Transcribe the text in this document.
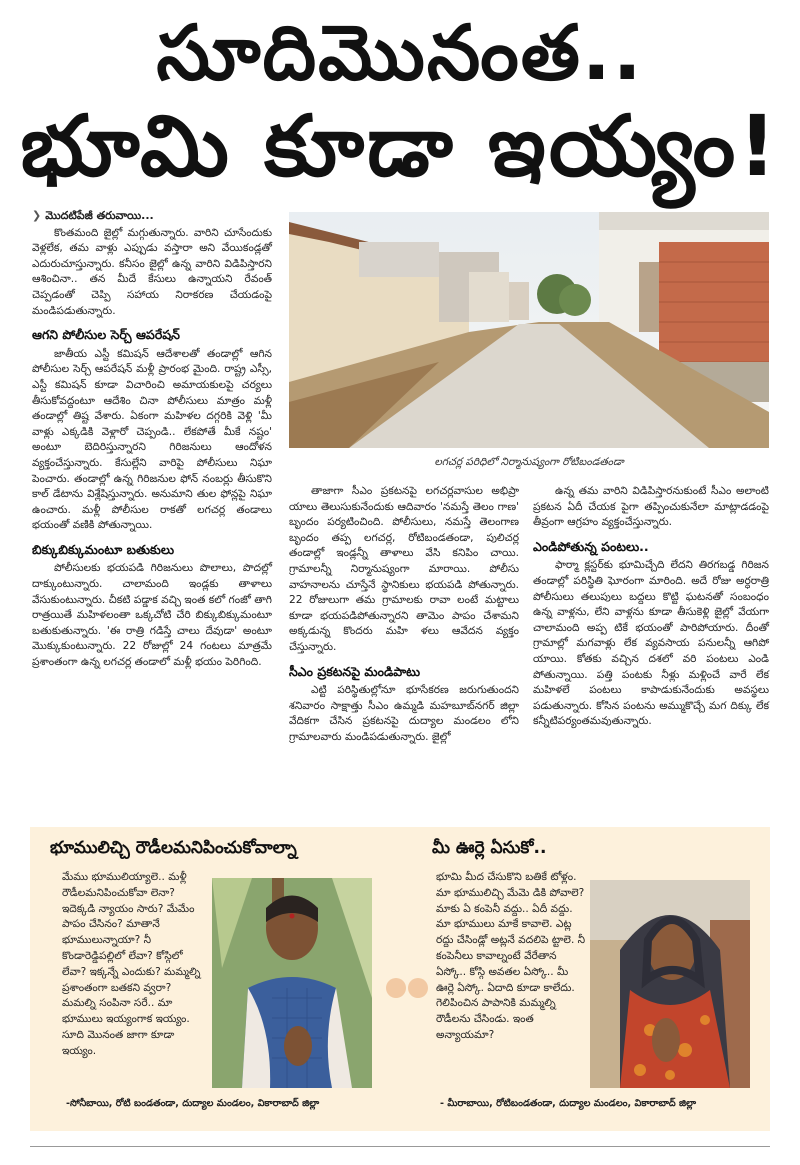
సూదిమొనంత..
భూమి కూడా ఇయ్యం!
❯ మొదటిపేజీ తరువాయి...

కొంతమంది జైల్లో మగ్గుతున్నారు. వారిని చూసేందుకు వెళ్లలేక, తమ వాళ్లు ఎప్పుడు వస్తారా అని వేయికండ్లతో ఎదురుచూస్తున్నారు. కనీసం జైల్లో ఉన్న వారిని విడిపిస్తారని ఆశించినా.. తన మీదే కేసులు ఉన్నాయని రేవంత్ చెప్పడంతో చెప్పి సహాయ నిరాకరణ చేయడంపై మండిపడుతున్నారు.

ఆగని పోలీసుల సెర్చ్ ఆపరేషన్

జాతీయ ఎస్టీ కమిషన్ ఆదేశాలతో తండాల్లో ఆగిన పోలీసుల సెర్చ్ ఆపరేషన్ మళ్లీ ప్రారంభ మైంది. రాష్ట్ర ఎస్సీ, ఎస్టీ కమిషన్ కూడా విచారించి అమాయకులపై చర్యలు తీసుకోవద్దంటూ ఆదేశిం చినా పోలీసులు మాత్రం మళ్లీ తండాల్లో తిష్ట వేశారు. ఏకంగా మహిళల దగ్గరికి వెళ్లి 'మీ వాళ్లు ఎక్కడికి వెళ్లారో చెప్పండి.. లేకపోతే మీకే నష్టం' అంటూ బెదిరిస్తున్నారని గిరిజనులు ఆందోళన వ్యక్తంచేస్తున్నారు. కేసుల్లేని వారిపై పోలీసులు నిఘా పెంచారు. తండాల్లో ఉన్న గిరిజనుల ఫోన్ నంబర్లు తీసుకొని కాల్ డేటాను విశ్లేషిస్తున్నారు. అనుమాని తుల ఫోన్లపై నిఘా ఉంచారు. మళ్లీ పోలీసుల రాకతో లగచర్ల తండాలు భయంతో వణికి పోతున్నాయి.

బిక్కుబిక్కుమంటూ బతుకులు

పోలీసులకు భయపడి గిరిజనులు పొలాలు, పొదల్లో దాక్కుంటున్నారు. చాలామంది ఇండ్లకు తాళాలు వేసుకుంటున్నారు. చీకటి పడ్డాక వచ్చి ఇంత కలో గంజో తాగి రాత్రయితే మహిళలంతా ఒక్కచోటి చేరి బిక్కుబిక్కుమంటూ బతుకుతున్నారు. 'ఈ రాత్రి గడిస్తే చాలు దేవుడా' అంటూ మొక్కుకుంటున్నారు. 22 రోజుల్లో 24 గంటలు మాత్రమే ప్రశాంతంగా ఉన్న లగచర్ల తండాలో మళ్లీ భయం పెరిగింది.

లగచర్ల పరిధిలో నిర్మానుష్యంగా రోటిబండతండా

తాజాగా సీఎం ప్రకటనపై లగచర్లవాసుల అభిప్రా యాలు తెలుసుకునేందుకు ఆదివారం 'నమస్తే తెలం గాణ' బృందం పర్యటించింది. పోలీసులు, నమస్తే తెలంగాణ బృందం తప్ప లగచర్ల, రోటిబండతండా, పులిచర్ల తండాల్లో ఇండ్లన్నీ తాళాలు వేసి కనిపిం చాయి. గ్రామాలన్నీ నిర్మానుష్యంగా మారాయి. పోలీసు వాహనాలను చూస్తేనే స్థానికులు భయపడి పోతున్నారు. 22 రోజులుగా తమ గ్రామాలకు రావా లంటే మట్టాలు కూడా భయపడిపోతున్నారని తామెం పాపం చేశామని అక్కడున్న కొందరు మహి ళలు ఆవేదన వ్యక్తం చేస్తున్నారు.

సీఎం ప్రకటనపై మండిపాటు

ఎట్టి పరిస్థితుల్లోనూ భూసేకరణ జరుగుతుందని శనివారం సాక్షాత్తు సీఎం ఉమ్మడి మహబూబ్‌నగర్ జిల్లా వేదికగా చేసిన ప్రకటనపై దుద్యాల మండలం లోని గ్రామాలవారు మండిపడుతున్నారు. జైల్లో

ఉన్న తమ వారిని విడిపిస్తారనుకుంటే సీఎం అలాంటి ప్రకటన ఏదీ చేయక పైగా తప్పించుకునేలా మాట్లాడడంపై తీవ్రంగా ఆగ్రహం వ్యక్తంచేస్తున్నారు.

ఎండిపోతున్న పంటలు..

ఫార్మా క్లస్టర్‌కు భూమిచ్చేది లేదని తిరగబడ్డ గిరిజన తండాల్లో పరిస్థితి ఘోరంగా మారింది. అదే రోజు అర్ధరాత్రి పోలీసులు తలుపులు బద్దలు కొట్టి ఘటనతో సంబంధం ఉన్న వాళ్లను, లేని వాళ్లను కూడా తీసుకెళ్లి జైల్లో వేయగా చాలామంది అప్ప టికే భయంతో పారిపోయారు. దీంతో గ్రామాల్లో మగవాళ్లు లేక వ్యవసాయ పనులన్నీ ఆగిపో యాయి. కోతకు వచ్చిన దశలో వరి పంటలు ఎండి పోతున్నాయి. పత్తి పంటకు నీళ్లు మళ్లించే వారే లేక మహిళలే పంటలు కాపాడుకునేందుకు అవస్థలు పడుతున్నారు. కోసిన పంటను అమ్ముకొచ్చే మగ దిక్కు లేక కన్నీటిపర్యంతమవుతున్నారు.

భూములిచ్చి రౌడీలమనిపించుకోవాల్నా
మేము భూములియ్యాలె.. మళ్లీ రౌడీలమనిపించుకోవా లెనా? ఇదెక్కడి న్యాయం సారు? మేమేం పాపం చేసినం? మాతానే భూములున్నాయా? నీ కొండారెడ్డిపల్లిలో లేవా? కోస్గిలో లేవా? ఇక్కన్నే ఎందుకు? మమ్మల్ని ప్రశాంతంగా బతకని వ్వరా? మమల్ని సంపినా సరే.. మా భూములు ఇయ్యంగాక ఇయ్యం. సూది మొనంత జాగా కూడా ఇయ్యం.
-సోనీబాయి, రోటి బండతండా, దుద్యాల మండలం, వికారాబాద్ జిల్లా
మీ ఊర్లె ఏసుకో..
భూమి మీద చేసుకొని బతికే టోళ్లం. మా భూములిచ్చి మేమె డికి పోవాలె? మాకు ఏ కంపెనీ వద్దు.. ఏదీ వద్దు. మా భూములు మాకే కావాలె. ఎట్ల రద్దు చేసిండ్లో అట్లనే వదలిపె ట్టాలె. నీ కంపెనీలు కావాల్నంటే వేరేతాన ఏస్కో.. కోస్గి అవతల ఏస్కో.. మీ ఊర్లె ఏస్కో. ఏదాది కూడా కాలేదు. గెలిపించిన పాపానికి మమ్మల్ని రౌడీలను చేసిండు. ఇంత అన్యాయమా?
- మీరాబాయి, రోటిబండతండా, దుద్యాల మండలం, వికారాబాద్ జిల్లా
